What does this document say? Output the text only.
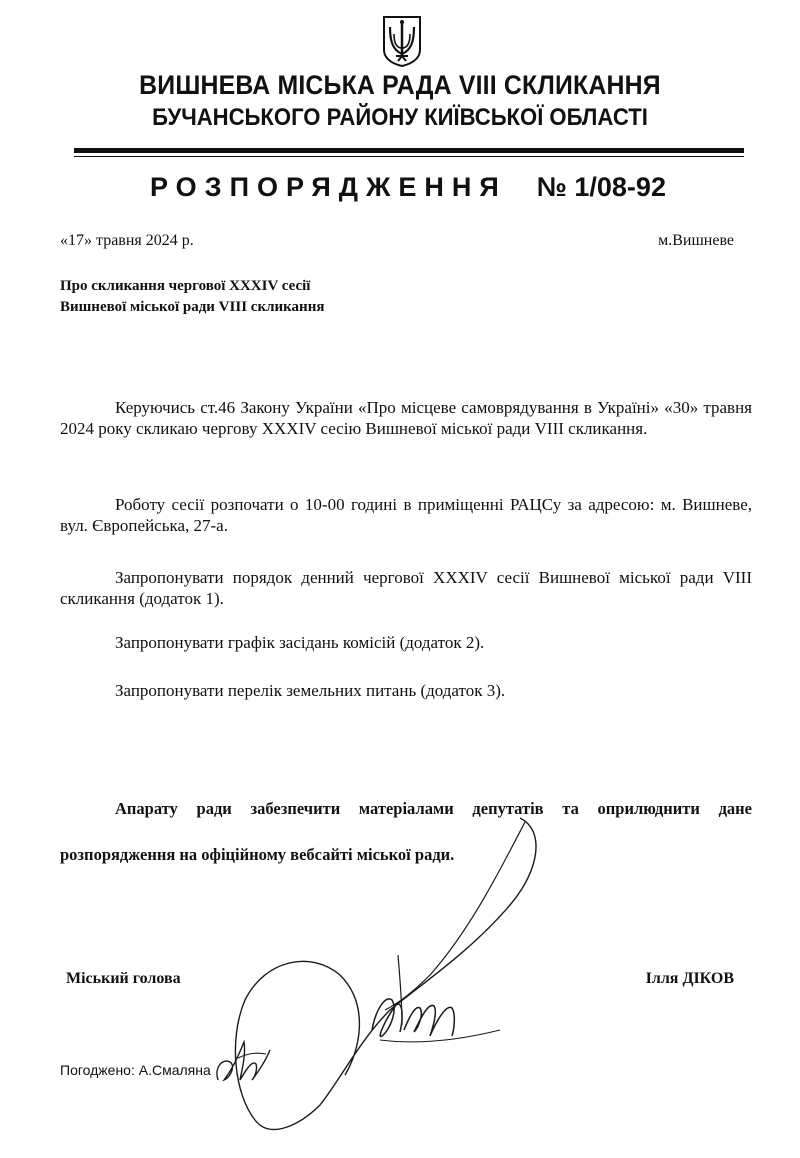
ВИШНЕВА МІСЬКА РАДА VIII СКЛИКАННЯ
БУЧАНСЬКОГО РАЙОНУ КИЇВСЬКОЇ ОБЛАСТІ
РОЗПОРЯДЖЕННЯ № 1/08-92
«17» травня 2024 р.	м.Вишневе
Про скликання чергової XXXIV сесії
Вишневої міської ради VIII скликання
Керуючись ст.46 Закону України «Про місцеве самоврядування в Україні» «30» травня 2024 року скликаю чергову XXXIV сесію Вишневої міської ради VIII скликання.
Роботу сесії розпочати о 10-00 годині в приміщенні РАЦСу за адресою: м. Вишневе, вул. Європейська, 27-а.
Запропонувати порядок денний чергової XXXIV сесії Вишневої міської ради VIII скликання (додаток 1).
Запропонувати графік засідань комісій (додаток 2).
Запропонувати перелік земельних питань (додаток 3).
Апарату ради забезпечити матеріалами депутатів та оприлюднити дане розпорядження на офіційному вебсайті міської ради.
Міський голова	Ілля ДІКОВ
Погоджено: А.Смаляна
